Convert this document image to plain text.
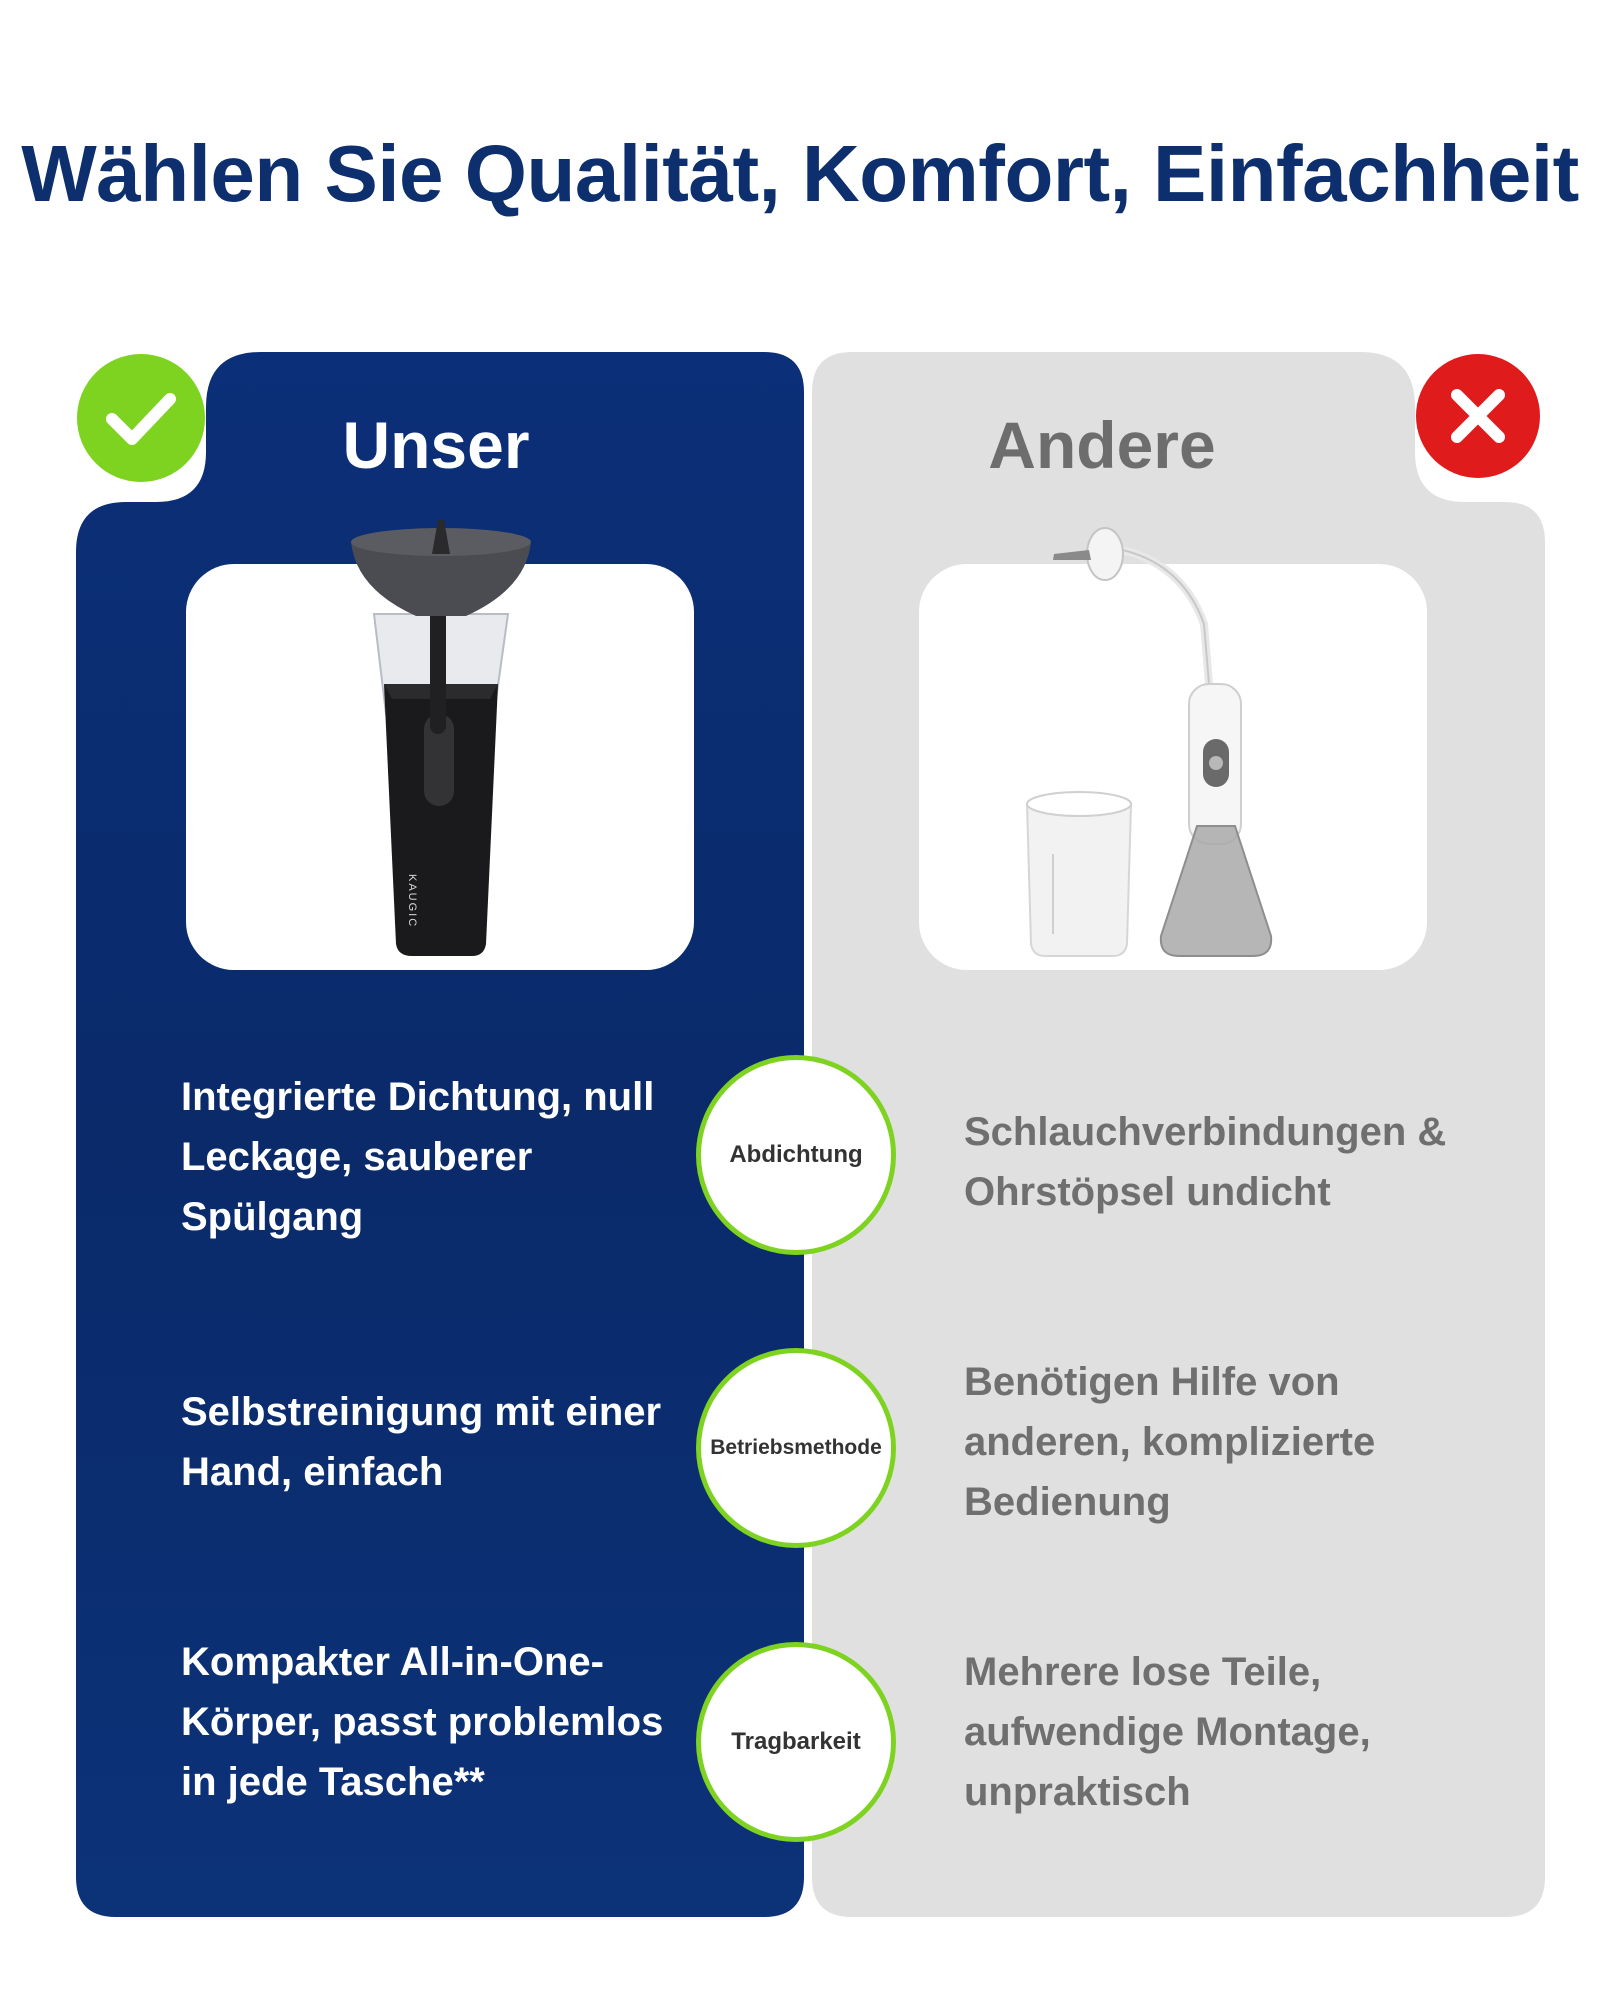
Wählen Sie Qualität, Komfort, Einfachheit
Unser
KAUGIC

Integrierte Dichtung, null Leckage, sauberer Spülgang

Selbstreinigung mit einer Hand, einfach

Kompakter All-in-One-Körper, passt problemlos in jede Tasche**

Andere

Schlauchverbindungen & Ohrstöpsel undicht

Benötigen Hilfe von anderen, komplizierte Bedienung

Mehrere lose Teile, aufwendige Montage, unpraktisch

Abdichtung
Betriebsmethode
Tragbarkeit
